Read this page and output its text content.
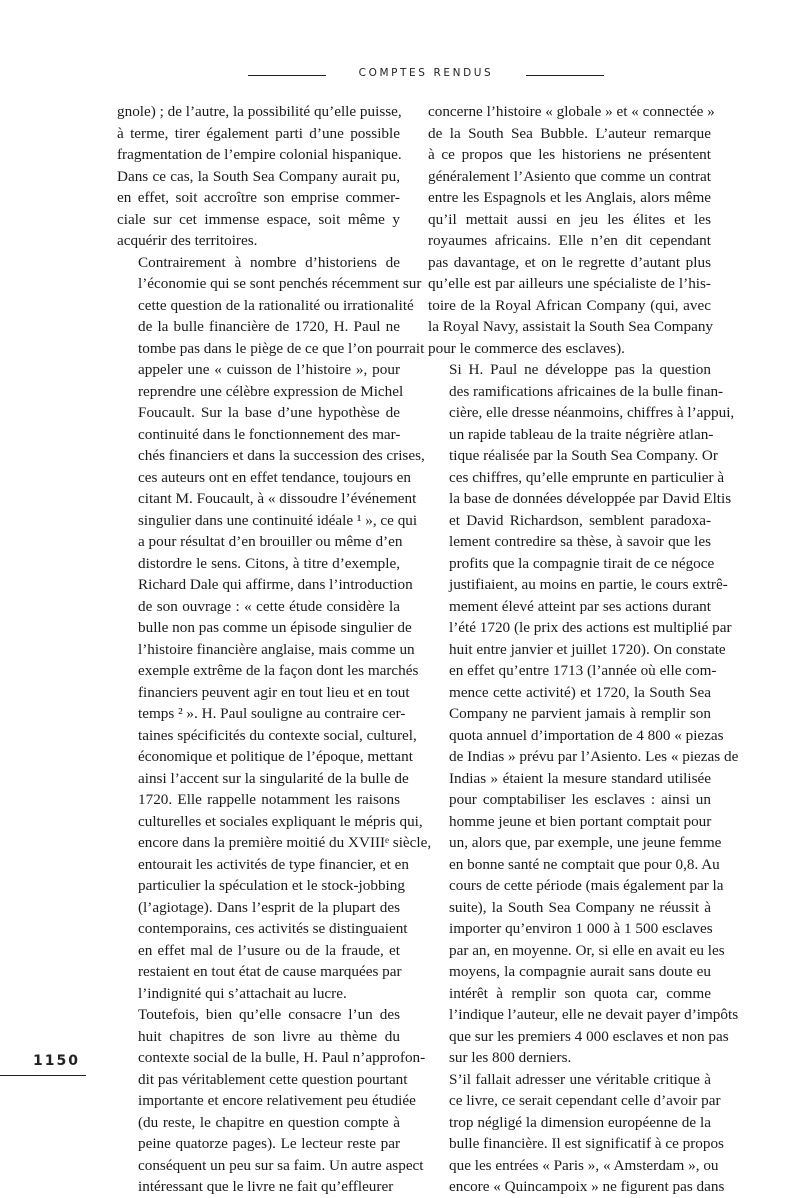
COMPTES RENDUS

gnole) ; de l’autre, la possibilité qu’elle puisse,
à terme, tirer également parti d’une possible
fragmentation de l’empire colonial hispanique.
Dans ce cas, la South Sea Company aurait pu,
en effet, soit accroître son emprise commer-
ciale sur cet immense espace, soit même y
acquérir des territoires.

Contrairement à nombre d’historiens de
l’économie qui se sont penchés récemment sur
cette question de la rationalité ou irrationalité
de la bulle financière de 1720, H. Paul ne
tombe pas dans le piège de ce que l’on pourrait
appeler une « cuisson de l’histoire », pour
reprendre une célèbre expression de Michel
Foucault. Sur la base d’une hypothèse de
continuité dans le fonctionnement des mar-
chés financiers et dans la succession des crises,
ces auteurs ont en effet tendance, toujours en
citant M. Foucault, à « dissoudre l’événement
singulier dans une continuité idéale ¹ », ce qui
a pour résultat d’en brouiller ou même d’en
distordre le sens. Citons, à titre d’exemple,
Richard Dale qui affirme, dans l’introduction
de son ouvrage : « cette étude considère la
bulle non pas comme un épisode singulier de
l’histoire financière anglaise, mais comme un
exemple extrême de la façon dont les marchés
financiers peuvent agir en tout lieu et en tout
temps ² ». H. Paul souligne au contraire cer-
taines spécificités du contexte social, culturel,
économique et politique de l’époque, mettant
ainsi l’accent sur la singularité de la bulle de
1720. Elle rappelle notamment les raisons
culturelles et sociales expliquant le mépris qui,
encore dans la première moitié du XVIIIᵉ siècle,
entourait les activités de type financier, et en
particulier la spéculation et le stock-jobbing
(l’agiotage). Dans l’esprit de la plupart des
contemporains, ces activités se distinguaient
en effet mal de l’usure ou de la fraude, et
restaient en tout état de cause marquées par
l’indignité qui s’attachait au lucre.

Toutefois, bien qu’elle consacre l’un des
huit chapitres de son livre au thème du
contexte social de la bulle, H. Paul n’approfon-
dit pas véritablement cette question pourtant
importante et encore relativement peu étudiée
(du reste, le chapitre en question compte à
peine quatorze pages). Le lecteur reste par
conséquent un peu sur sa faim. Un autre aspect
intéressant que le livre ne fait qu’effleurer

concerne l’histoire « globale » et « connectée »
de la South Sea Bubble. L’auteur remarque
à ce propos que les historiens ne présentent
généralement l’Asiento que comme un contrat
entre les Espagnols et les Anglais, alors même
qu’il mettait aussi en jeu les élites et les
royaumes africains. Elle n’en dit cependant
pas davantage, et on le regrette d’autant plus
qu’elle est par ailleurs une spécialiste de l’his-
toire de la Royal African Company (qui, avec
la Royal Navy, assistait la South Sea Company
pour le commerce des esclaves).

Si H. Paul ne développe pas la question
des ramifications africaines de la bulle finan-
cière, elle dresse néanmoins, chiffres à l’appui,
un rapide tableau de la traite négrière atlan-
tique réalisée par la South Sea Company. Or
ces chiffres, qu’elle emprunte en particulier à
la base de données développée par David Eltis
et David Richardson, semblent paradoxa-
lement contredire sa thèse, à savoir que les
profits que la compagnie tirait de ce négoce
justifiaient, au moins en partie, le cours extrê-
mement élevé atteint par ses actions durant
l’été 1720 (le prix des actions est multiplié par
huit entre janvier et juillet 1720). On constate
en effet qu’entre 1713 (l’année où elle com-
mence cette activité) et 1720, la South Sea
Company ne parvient jamais à remplir son
quota annuel d’importation de 4 800 « piezas
de Indias » prévu par l’Asiento. Les « piezas de
Indias » étaient la mesure standard utilisée
pour comptabiliser les esclaves : ainsi un
homme jeune et bien portant comptait pour
un, alors que, par exemple, une jeune femme
en bonne santé ne comptait que pour 0,8. Au
cours de cette période (mais également par la
suite), la South Sea Company ne réussit à
importer qu’environ 1 000 à 1 500 esclaves
par an, en moyenne. Or, si elle en avait eu les
moyens, la compagnie aurait sans doute eu
intérêt à remplir son quota car, comme
l’indique l’auteur, elle ne devait payer d’impôts
que sur les premiers 4 000 esclaves et non pas
sur les 800 derniers.

S’il fallait adresser une véritable critique à
ce livre, ce serait cependant celle d’avoir par
trop négligé la dimension européenne de la
bulle financière. Il est significatif à ce propos
que les entrées « Paris », « Amsterdam », ou
encore « Quincampoix » ne figurent pas dans

1150
